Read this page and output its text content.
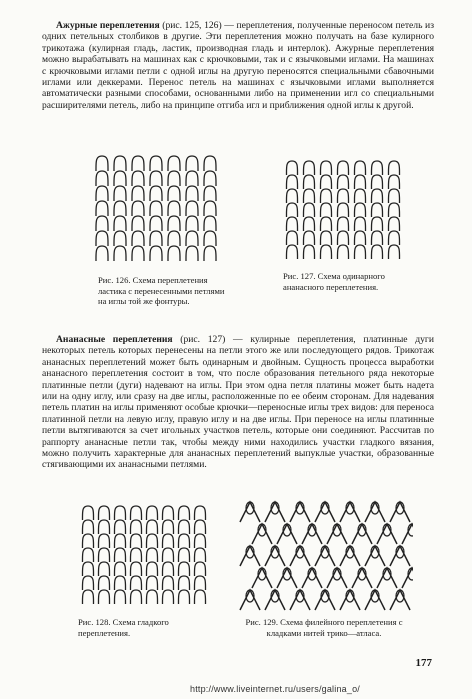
Ажурные переплетения (рис. 125, 126) — переплетения, полученные переносом петель из одних петельных столбиков в другие. Эти переплетения можно получать на базе кулирного трикотажа (кулирная гладь, ластик, производная гладь и интерлок). Ажурные переплетения можно вырабатывать на машинах как с крючковыми, так и с язычковыми иглами. На машинах с крючковыми иглами петли с одной иглы на другую переносятся специальными сбавочными иглами или деккерами. Перенос петель на машинах с язычковыми иглами выполняется автоматически разными способами, основанными либо на применении игл со специальными расширителями петель, либо на принципе отгиба игл и приближения одной иглы к другой.

Рис. 126. Схема переплетения ластика с перенесенными петлями на иглы той же фонтуры.
Рис. 127. Схема одинарного ананасного переплетения.

Ананасные переплетения (рис. 127) — кулирные переплетения, платинные дуги некоторых петель которых перенесены на петли этого же или последующего рядов. Трикотаж ананасных переплетений может быть одинарным и двойным. Сущность процесса выработки ананасного переплетения состоит в том, что после образования петельного ряда некоторые платинные петли (дуги) надевают на иглы. При этом одна петля платины может быть надета или на одну иглу, или сразу на две иглы, расположенные по ее обеим сторонам. Для надевания петель платин на иглы применяют особые крючки—переносные иглы трех видов: для переноса платинной петли на левую иглу, правую иглу и на две иглы. При переносе на иглы платинные петли вытягиваются за счет игольных участков петель, которые они соединяют. Рассчитав по раппорту ананасные петли так, чтобы между ними находились участки гладкого вязания, можно получить характерные для ананасных переплетений выпуклые участки, образованные стягивающими их ананасными петлями.

Рис. 128. Схема гладкого переплетения.
Рис. 129. Схема филейного переплетения с кладками нитей трико—атласа.
177
http://www.liveinternet.ru/users/galina_o/
